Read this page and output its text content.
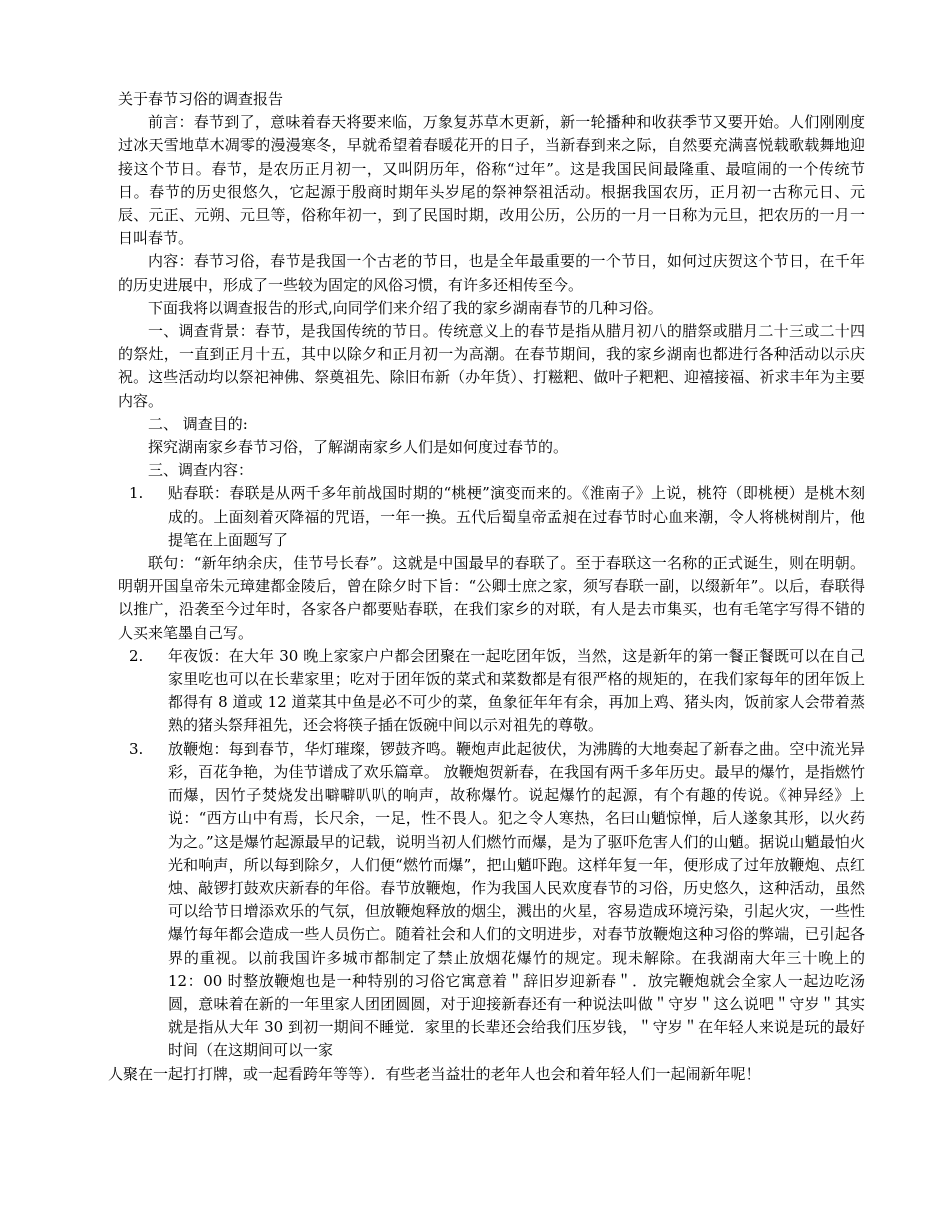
关于春节习俗的调查报告

前言：春节到了，意味着春天将要来临，万象复苏草木更新，新一轮播种和收获季节又要开始。人们刚刚度过冰天雪地草木凋零的漫漫寒冬，早就希望着春暖花开的日子，当新春到来之际，自然要充满喜悦载歌载舞地迎接这个节日。春节，是农历正月初一，又叫阴历年，俗称“过年”。这是我国民间最隆重、最喧闹的一个传统节日。春节的历史很悠久，它起源于殷商时期年头岁尾的祭神祭祖活动。根据我国农历，正月初一古称元日、元辰、元正、元朔、元旦等，俗称年初一，到了民国时期，改用公历，公历的一月一日称为元旦，把农历的一月一日叫春节。

内容：春节习俗，春节是我国一个古老的节日，也是全年最重要的一个节日，如何过庆贺这个节日，在千年的历史进展中，形成了一些较为固定的风俗习惯，有许多还相传至今。

下面我将以调查报告的形式,向同学们来介绍了我的家乡湖南春节的几种习俗。

一、调查背景：春节，是我国传统的节日。传统意义上的春节是指从腊月初八的腊祭或腊月二十三或二十四的祭灶，一直到正月十五，其中以除夕和正月初一为高潮。在春节期间，我的家乡湖南也都进行各种活动以示庆祝。这些活动均以祭祀神佛、祭奠祖先、除旧布新（办年货）、打糍粑、做叶子粑粑、迎禧接福、祈求丰年为主要内容。

二、 调查目的:

探究湖南家乡春节习俗，了解湖南家乡人们是如何度过春节的。

三、调查内容：

1. 贴春联：春联是从两千多年前战国时期的“桃梗”演变而来的。《淮南子》上说，桃符（即桃梗）是桃木刻成的。上面刻着灭降福的咒语，一年一换。五代后蜀皇帝孟昶在过春节时心血来潮，令人将桃树削片，他提笔在上面题写了

联句：“新年纳余庆，佳节号长春”。这就是中国最早的春联了。至于春联这一名称的正式诞生，则在明朝。明朝开国皇帝朱元璋建都金陵后，曾在除夕时下旨：“公卿士庶之家，须写春联一副，以缀新年”。以后，春联得以推广，沿袭至今过年时，各家各户都要贴春联，在我们家乡的对联，有人是去市集买，也有毛笔字写得不错的人买来笔墨自己写。

2. 年夜饭：在大年 30 晚上家家户户都会团聚在一起吃团年饭，当然，这是新年的第一餐正餐既可以在自己家里吃也可以在长辈家里；吃对于团年饭的菜式和菜数都是有很严格的规矩的，在我们家每年的团年饭上都得有 8 道或 12 道菜其中鱼是必不可少的菜，鱼象征年年有余，再加上鸡、猪头肉，饭前家人会带着蒸熟的猪头祭拜祖先，还会将筷子插在饭碗中间以示对祖先的尊敬。

3. 放鞭炮：每到春节，华灯璀璨，锣鼓齐鸣。鞭炮声此起彼伏，为沸腾的大地奏起了新春之曲。空中流光异彩，百花争艳，为佳节谱成了欢乐篇章。 放鞭炮贺新春，在我国有两千多年历史。最早的爆竹，是指燃竹而爆，因竹子焚烧发出噼噼叭叭的响声，故称爆竹。说起爆竹的起源，有个有趣的传说。《神异经》上说：“西方山中有焉，长尺余，一足，性不畏人。犯之令人寒热，名曰山魈惊惮，后人遂象其形，以火药为之。”这是爆竹起源最早的记载，说明当初人们燃竹而爆，是为了驱吓危害人们的山魈。据说山魈最怕火光和响声，所以每到除夕，人们便“燃竹而爆”，把山魈吓跑。这样年复一年，便形成了过年放鞭炮、点红烛、敲锣打鼓欢庆新春的年俗。春节放鞭炮，作为我国人民欢度春节的习俗，历史悠久，这种活动，虽然可以给节日增添欢乐的气氛，但放鞭炮释放的烟尘，溅出的火星，容易造成环境污染，引起火灾，一些性爆竹每年都会造成一些人员伤亡。随着社会和人们的文明进步，对春节放鞭炮这种习俗的弊端，已引起各界的重视。以前我国许多城市都制定了禁止放烟花爆竹的规定。现未解除。在我湖南大年三十晚上的 12：00 时整放鞭炮也是一种特别的习俗它寓意着＂辞旧岁迎新春＂．放完鞭炮就会全家人一起边吃汤圆，意味着在新的一年里家人团团圆圆，对于迎接新春还有一种说法叫做＂守岁＂这么说吧＂守岁＂其实就是指从大年 30 到初一期间不睡觉．家里的长辈还会给我们压岁钱，＂守岁＂在年轻人来说是玩的最好时间（在这期间可以一家

人聚在一起打打牌，或一起看跨年等等）．有些老当益壮的老年人也会和着年轻人们一起闹新年呢！
